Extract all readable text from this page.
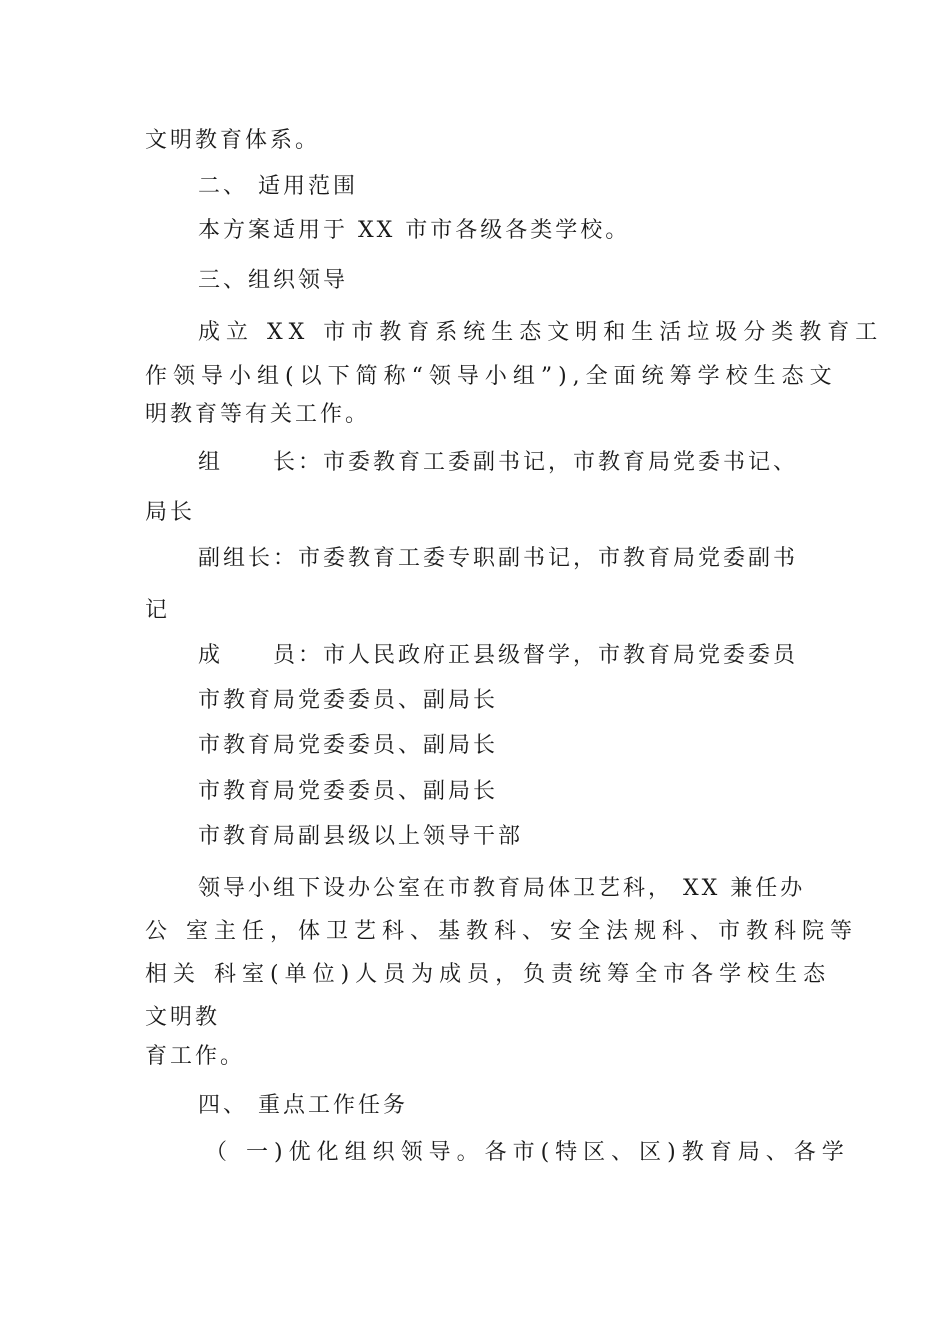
文明教育体系。
二、 适用范围
本方案适用于 XX 市市各级各类学校。
三、组织领导
成立 XX 市市教育系统生态文明和生活垃圾分类教育工
作领导小组(以下简称“领导小组”),全面统筹学校生态文
明教育等有关工作。
组　　长：市委教育工委副书记，市教育局党委书记、
局长
副组长：市委教育工委专职副书记，市教育局党委副书
记
成　　员：市人民政府正县级督学，市教育局党委委员
市教育局党委委员、副局长
市教育局党委委员、副局长
市教育局党委委员、副局长
市教育局副县级以上领导干部
领导小组下设办公室在市教育局体卫艺科， XX 兼任办
公 室主任，体卫艺科、基教科、安全法规科、市教科院等
相关 科室(单位)人员为成员，负责统筹全市各学校生态
文明教
育工作。
四、 重点工作任务
（ 一)优化组织领导。各市(特区、区)教育局、各学
